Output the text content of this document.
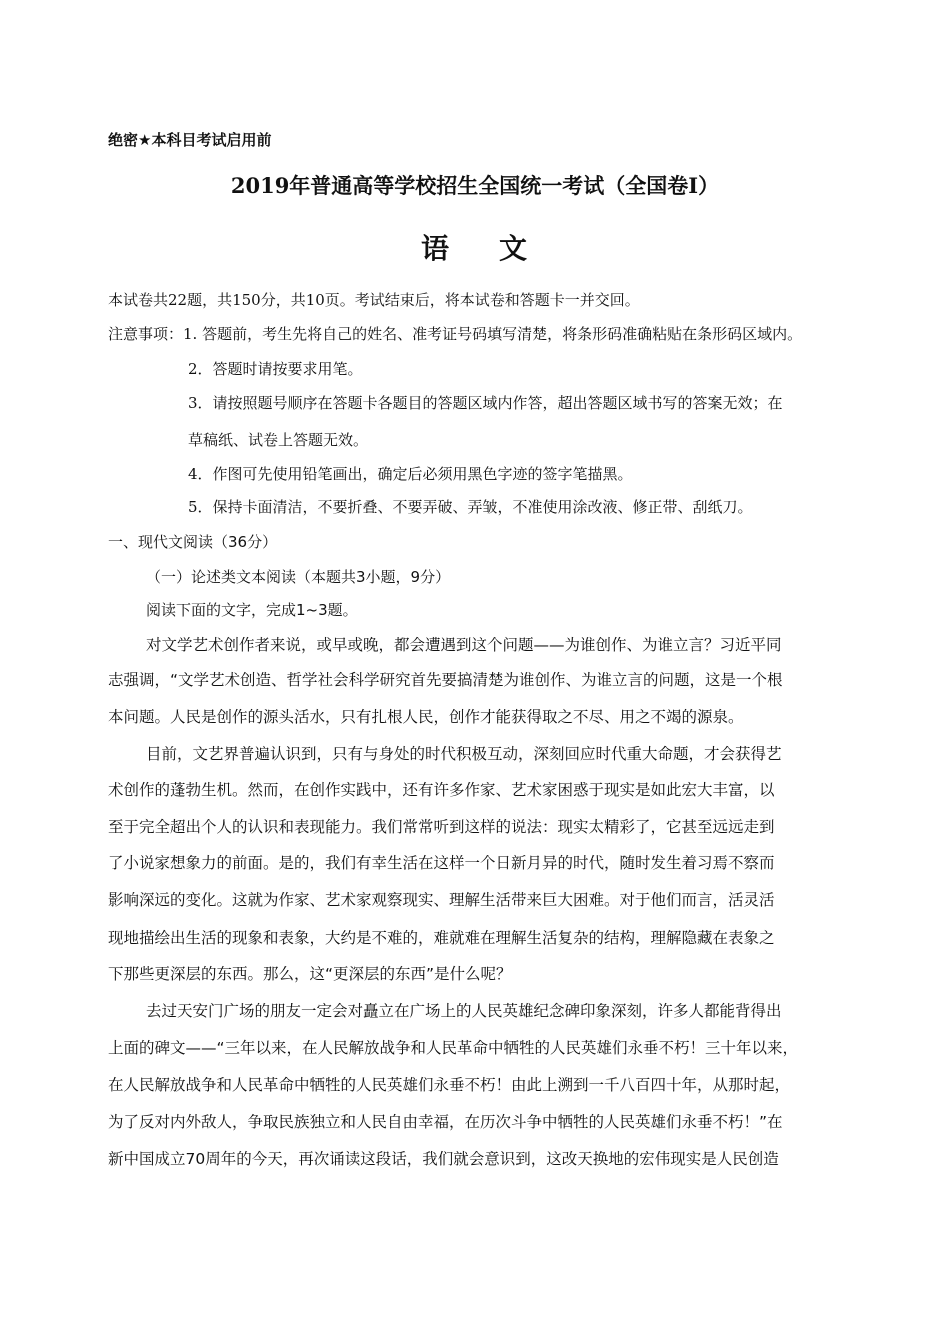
绝密★本科目考试启用前
2019年普通高等学校招生全国统一考试（全国卷I）
语 文
本试卷共22题，共150分，共10页。考试结束后，将本试卷和答题卡一并交回。
注意事项：1. 答题前，考生先将自己的姓名、准考证号码填写清楚，将条形码准确粘贴在条形码区域内。
2．答题时请按要求用笔。
3．请按照题号顺序在答题卡各题目的答题区域内作答，超出答题区域书写的答案无效；在
草稿纸、试卷上答题无效。
4．作图可先使用铅笔画出，确定后必须用黑色字迹的签字笔描黑。
5．保持卡面清洁，不要折叠、不要弄破、弄皱，不准使用涂改液、修正带、刮纸刀。
一、现代文阅读（36分）
（一）论述类文本阅读（本题共3小题，9分）
阅读下面的文字，完成1~3题。
对文学艺术创作者来说，或早或晚，都会遭遇到这个问题——为谁创作、为谁立言？习近平同
志强调，“文学艺术创造、哲学社会科学研究首先要搞清楚为谁创作、为谁立言的问题，这是一个根
本问题。人民是创作的源头活水，只有扎根人民，创作才能获得取之不尽、用之不竭的源泉。
目前，文艺界普遍认识到，只有与身处的时代积极互动，深刻回应时代重大命题，才会获得艺
术创作的蓬勃生机。然而，在创作实践中，还有许多作家、艺术家困惑于现实是如此宏大丰富，以
至于完全超出个人的认识和表现能力。我们常常听到这样的说法：现实太精彩了，它甚至远远走到
了小说家想象力的前面。是的，我们有幸生活在这样一个日新月异的时代，随时发生着习焉不察而
影响深远的变化。这就为作家、艺术家观察现实、理解生活带来巨大困难。对于他们而言，活灵活
现地描绘出生活的现象和表象，大约是不难的，难就难在理解生活复杂的结构，理解隐藏在表象之
下那些更深层的东西。那么，这“更深层的东西”是什么呢？
去过天安门广场的朋友一定会对矗立在广场上的人民英雄纪念碑印象深刻，许多人都能背得出
上面的碑文——“三年以来，在人民解放战争和人民革命中牺牲的人民英雄们永垂不朽！三十年以来，
在人民解放战争和人民革命中牺牲的人民英雄们永垂不朽！由此上溯到一千八百四十年，从那时起，
为了反对内外敌人，争取民族独立和人民自由幸福，在历次斗争中牺牲的人民英雄们永垂不朽！”在
新中国成立70周年的今天，再次诵读这段话，我们就会意识到，这改天换地的宏伟现实是人民创造
